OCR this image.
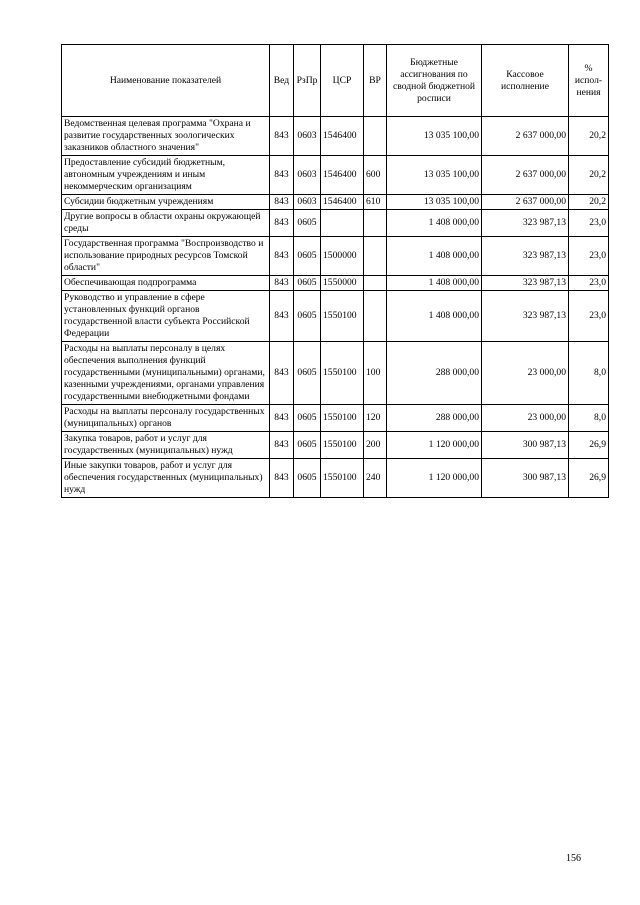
Наименование показателей	Вед	РзПр	ЦСР	ВР	Бюджетные ассигнования по сводной бюджетной росписи	Кассовое исполнение	% испол-нения
Ведомственная целевая программа "Охрана и развитие государственных зоологических заказников областного значения"	843	0603	1546400		13 035 100,00	2 637 000,00	20,2
Предоставление субсидий бюджетным, автономным учреждениям и иным некоммерческим организациям	843	0603	1546400	600	13 035 100,00	2 637 000,00	20,2
Субсидии бюджетным учреждениям	843	0603	1546400	610	13 035 100,00	2 637 000,00	20,2
Другие вопросы в области охраны окружающей среды	843	0605			1 408 000,00	323 987,13	23,0
Государственная программа "Воспроизводство и использование природных ресурсов Томской области"	843	0605	1500000		1 408 000,00	323 987,13	23,0
Обеспечивающая подпрограмма	843	0605	1550000		1 408 000,00	323 987,13	23,0
Руководство и управление в сфере установленных функций органов государственной власти субъекта Российской Федерации	843	0605	1550100		1 408 000,00	323 987,13	23,0
Расходы на выплаты персоналу в целях обеспечения выполнения функций государственными (муниципальными) органами, казенными учреждениями, органами управления государственными внебюджетными фондами	843	0605	1550100	100	288 000,00	23 000,00	8,0
Расходы на выплаты персоналу государственных (муниципальных) органов	843	0605	1550100	120	288 000,00	23 000,00	8,0
Закупка товаров, работ и услуг для государственных (муниципальных) нужд	843	0605	1550100	200	1 120 000,00	300 987,13	26,9
Иные закупки товаров, работ и услуг для обеспечения государственных (муниципальных) нужд	843	0605	1550100	240	1 120 000,00	300 987,13	26,9
156
